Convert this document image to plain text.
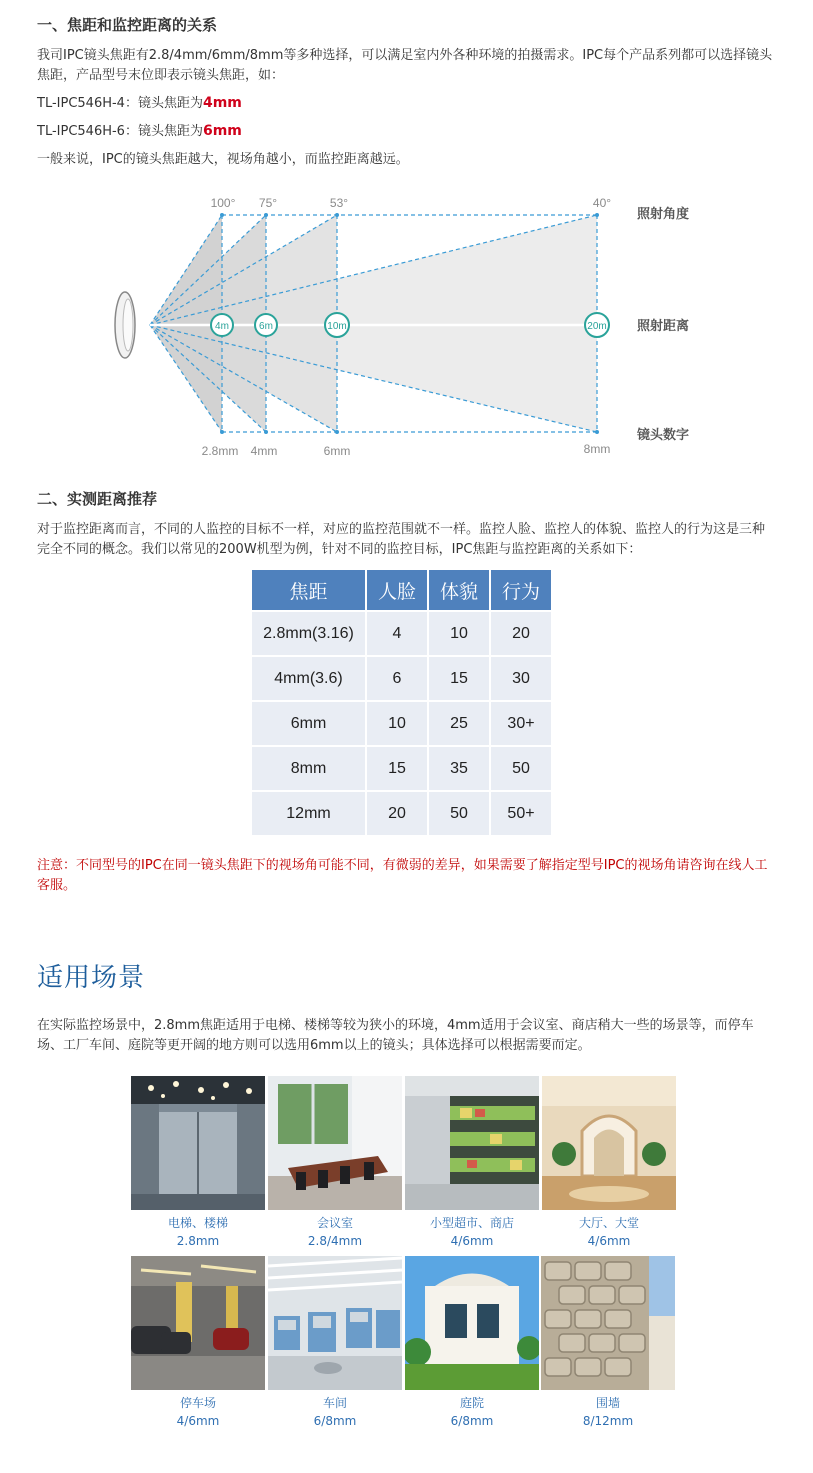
一、焦距和监控距离的关系
我司IPC镜头焦距有2.8/4mm/6mm/8mm等多种选择，可以满足室内外各种环境的拍摄需求。IPC每个产品系列都可以选择镜头焦距，产品型号末位即表示镜头焦距，如：
TL-IPC546H-4：镜头焦距为4mm
TL-IPC546H-6：镜头焦距为6mm
一般来说，IPC的镜头焦距越大，视场角越小，而监控距离越远。
4m	6m	10m	20m
100° 75°	53°	40°
2.8mm 4mm	6mm	8mm
照射角度
照射距离
镜头数字
二、实测距离推荐
对于监控距离而言，不同的人监控的目标不一样，对应的监控范围就不一样。监控人脸、监控人的体貌、监控人的行为这是三种完全不同的概念。我们以常见的200W机型为例，针对不同的监控目标，IPC焦距与监控距离的关系如下：
焦距	人脸	体貌	行为
2.8mm(3.16)	4	10	20
4mm(3.6)	6	15	30
6mm	10	25	30+
8mm	15	35	50
12mm	20	50	50+
注意：不同型号的IPC在同一镜头焦距下的视场角可能不同，有微弱的差异，如果需要了解指定型号IPC的视场角请咨询在线人工客服。
适用场景
在实际监控场景中，2.8mm焦距适用于电梯、楼梯等较为狭小的环境，4mm适用于会议室、商店稍大一些的场景等，而停车场、工厂车间、庭院等更开阔的地方则可以选用6mm以上的镜头；具体选择可以根据需要而定。
电梯、楼梯
2.8mm
会议室
2.8/4mm
小型超市、商店
4/6mm
大厅、大堂
4/6mm
停车场
4/6mm
车间
6/8mm
庭院
6/8mm
围墙
8/12mm
